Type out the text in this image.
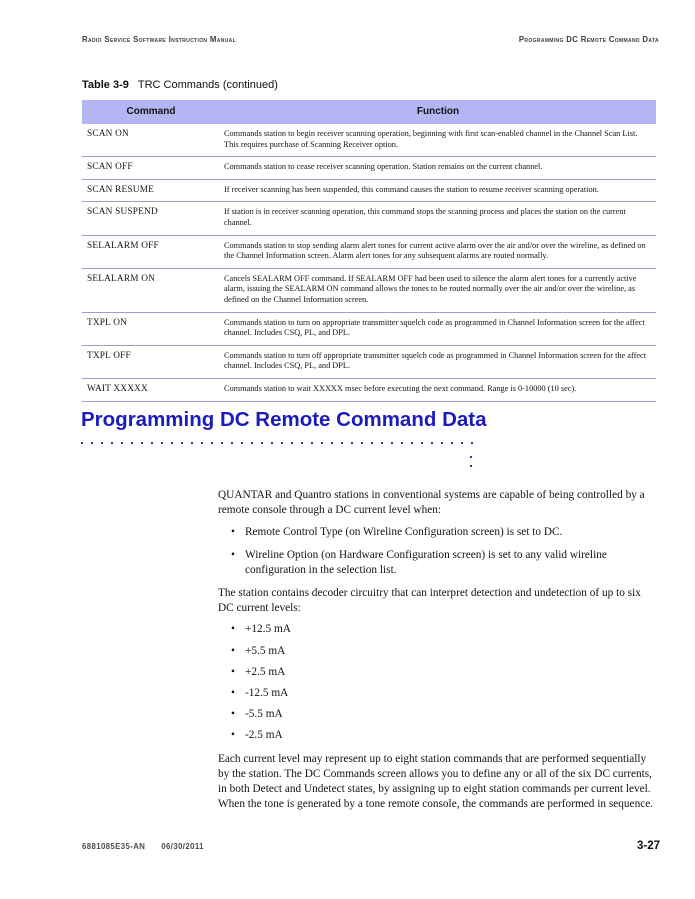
Radio Service Software Instruction Manual	Programming DC Remote Command Data
Table 3-9 TRC Commands (continued)
Command	Function
SCAN ON	Commands station to begin receiver scanning operation, beginning with first scan-enabled channel in the Channel Scan List. This requires purchase of Scanning Receiver option.
SCAN OFF	Commands station to cease receiver scanning operation. Station remains on the current channel.
SCAN RESUME	If receiver scanning has been suspended, this command causes the station to resume receiver scanning operation.
SCAN SUSPEND	If station is in receiver scanning operation, this command stops the scanning process and places the station on the current channel.
SELALARM OFF	Commands station to stop sending alarm alert tones for current active alarm over the air and/or over the wireline, as defined on the Channel Information screen. Alarm alert tones for any subsequent alarms are routed normally.
SELALARM ON	Cancels SEALARM OFF command. If SEALARM OFF had been used to silence the alarm alert tones for a currently active alarm, issuing the SEALARM ON command allows the tones to be routed normally over the air and/or over the wireline, as defined on the Channel Information screen.
TXPL ON	Commands station to turn on appropriate transmitter squelch code as programmed in Channel Information screen for the affect channel. Includes CSQ, PL, and DPL.
TXPL OFF	Commands station to turn off appropriate transmitter squelch code as programmed in Channel Information screen for the affect channel. Includes CSQ, PL, and DPL.
WAIT XXXXX	Commands station to wait XXXXX msec before executing the next command. Range is 0-10000 (10 sec).
Programming DC Remote Command Data

QUANTAR and Quantro stations in conventional systems are capable of being controlled by a remote console through a DC current level when:

• Remote Control Type (on Wireline Configuration screen) is set to DC.
• Wireline Option (on Hardware Configuration screen) is set to any valid wireline configuration in the selection list.

The station contains decoder circuitry that can interpret detection and undetection of up to six DC current levels:

• +12.5 mA
• +5.5 mA
• +2.5 mA
• -12.5 mA
• -5.5 mA
• -2.5 mA

Each current level may represent up to eight station commands that are performed sequentially by the station. The DC Commands screen allows you to define any or all of the six DC currents, in both Detect and Undetect states, by assigning up to eight station commands per current level. When the tone is generated by a tone remote console, the commands are performed in sequence.

6881085E35-AN 06/30/2011	3-27
